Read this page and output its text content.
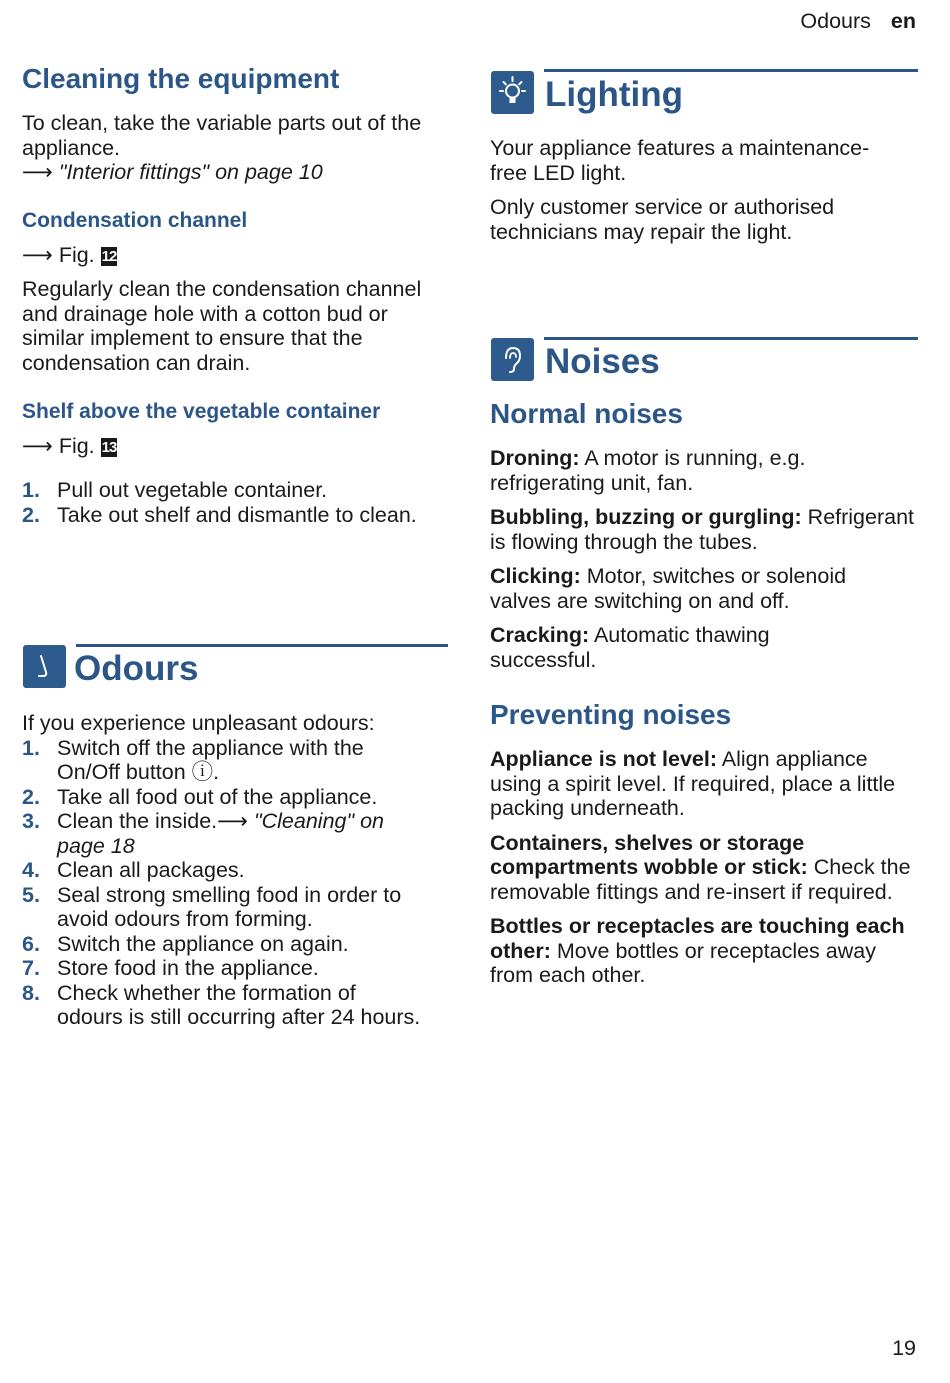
Odours en
Cleaning the equipment

To clean, take the variable parts out of the appliance.

⟶ "Interior fittings" on page 10

Condensation channel
⟶ Fig. 12
Regularly clean the condensation channel and drainage hole with a cotton bud or similar implement to ensure that the condensation can drain.
Shelf above the vegetable container
⟶ Fig. 13
1. Pull out vegetable container.
2. Take out shelf and dismantle to clean.
Odours

If you experience unpleasant odours:

1. Switch off the appliance with the On/Off button ⓘ.
2. Take all food out of the appliance.
3. Clean the inside.⟶ "Cleaning" on page 18
4. Clean all packages.
5. Seal strong smelling food in order to avoid odours from forming.
6. Switch the appliance on again.
7. Store food in the appliance.
8. Check whether the formation of odours is still occurring after 24 hours.
Lighting

Your appliance features a maintenance-free LED light.

Only customer service or authorised technicians may repair the light.

Noises
Normal noises

Droning: A motor is running, e.g. refrigerating unit, fan.

Bubbling, buzzing or gurgling: Refrigerant is flowing through the tubes.

Clicking: Motor, switches or solenoid valves are switching on and off.

Cracking: Automatic thawing successful.

Preventing noises

Appliance is not level: Align appliance using a spirit level. If required, place a little packing underneath.

Containers, shelves or storage compartments wobble or stick: Check the removable fittings and re-insert if required.

Bottles or receptacles are touching each other: Move bottles or receptacles away from each other.

19
